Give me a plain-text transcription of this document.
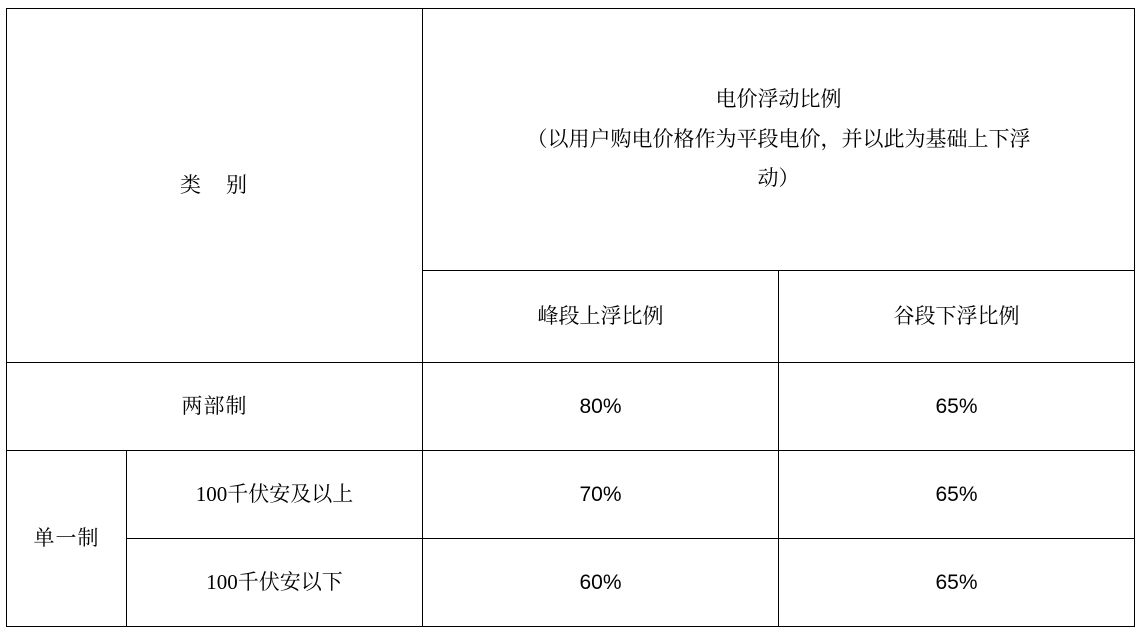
类　别		电价浮动比例
（以用户购电价格作为平段电价，并以此为基础上下浮
动）	

		峰段上浮比例	谷段下浮比例
两部制		80%	65%
单一制	100千伏安及以上	70%	65%
	100千伏安以下	60%	65%
